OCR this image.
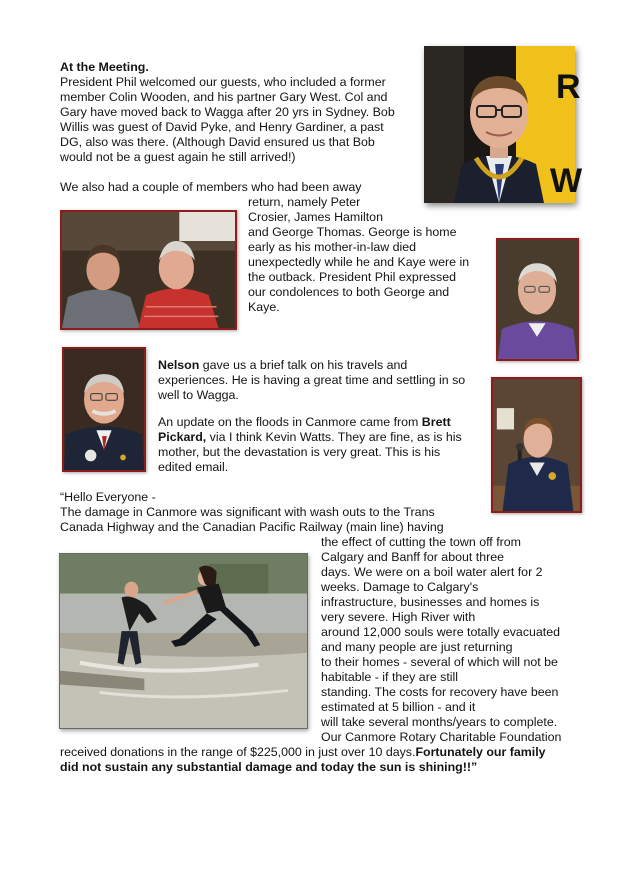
R
W
At the Meeting.
President Phil welcomed our guests, who included a former
member Colin Wooden, and his partner Gary West. Col and
Gary have moved back to Wagga after 20 yrs in Sydney. Bob
Willis was guest of David Pyke, and Henry Gardiner, a past
DG, also was there. (Although David ensured us that Bob
would not be a guest again he still arrived!)
We also had a couple of members who had been away
return, namely Peter
Crosier, James Hamilton
and George Thomas. George is home
early as his mother-in-law died
unexpectedly while he and Kaye were in
the outback. President Phil expressed
our condolences to both George and
Kaye.
Nelson gave us a brief talk on his travels and
experiences. He is having a great time and settling in so
well to Wagga.
An update on the floods in Canmore came from Brett
Pickard, via I think Kevin Watts. They are fine, as is his
mother, but the devastation is very great. This is his
edited email.
“Hello Everyone -
The damage in Canmore was significant with wash outs to the Trans
Canada Highway and the Canadian Pacific Railway (main line) having
the effect of cutting the town off from
Calgary and Banff for about three
days. We were on a boil water alert for 2
weeks. Damage to Calgary's
infrastructure, businesses and homes is
very severe. High River with
around 12,000 souls were totally evacuated
and many people are just returning
to their homes - several of which will not be
habitable - if they are still
standing. The costs for recovery have been
estimated at 5 billion - and it
will take several months/years to complete.
Our Canmore Rotary Charitable Foundation
received donations in the range of $225,000 in just over 10 days.Fortunately our family
did not sustain any substantial damage and today the sun is shining!!”
